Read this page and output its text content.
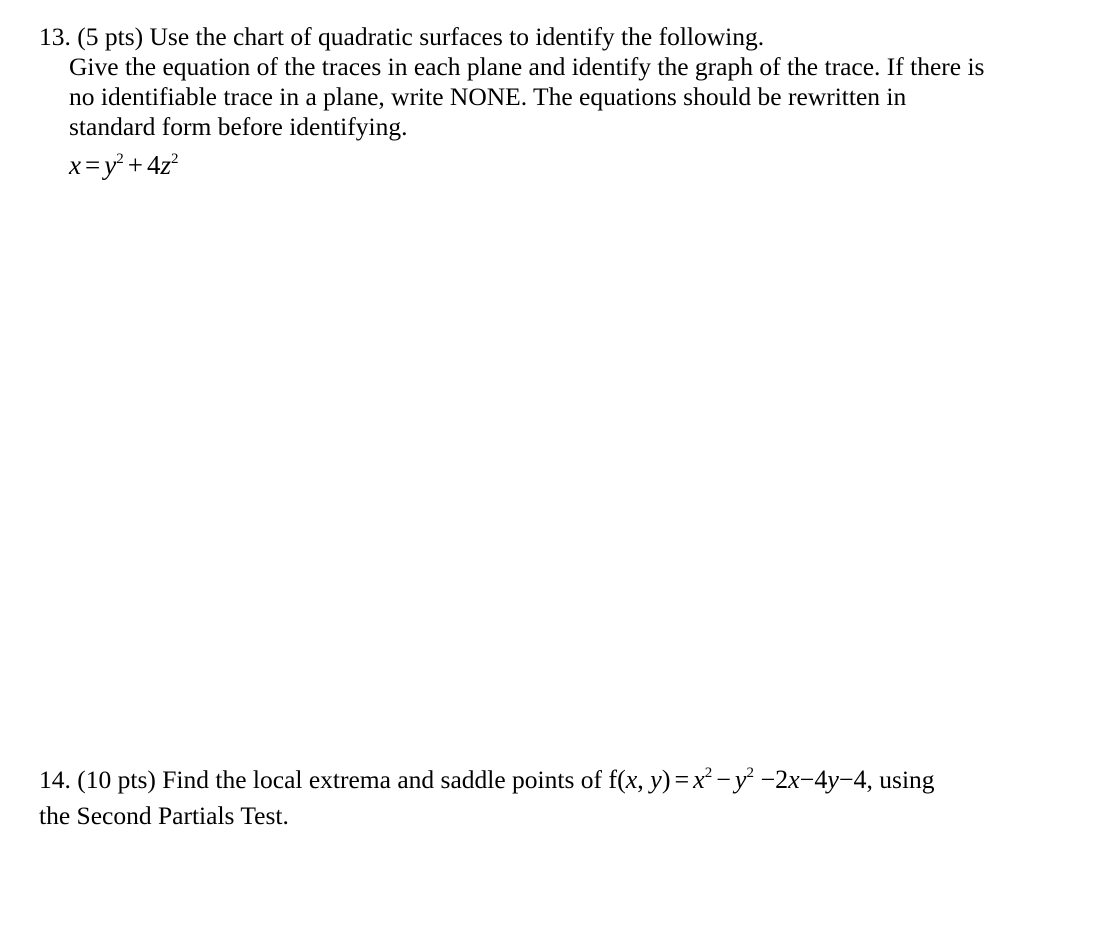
13. (5 pts) Use the chart of quadratic surfaces to identify the following.
Give the equation of the traces in each plane and identify the graph of the trace. If there is
no identifiable trace in a plane, write NONE. The equations should be rewritten in
standard form before identifying.
$x = y^2 + 4z^2$
14. (10 pts) Find the local extrema and saddle points of f(x, $y) = x^2 - y^2 -2x-4y-4$, using
the Second Partials Test.
